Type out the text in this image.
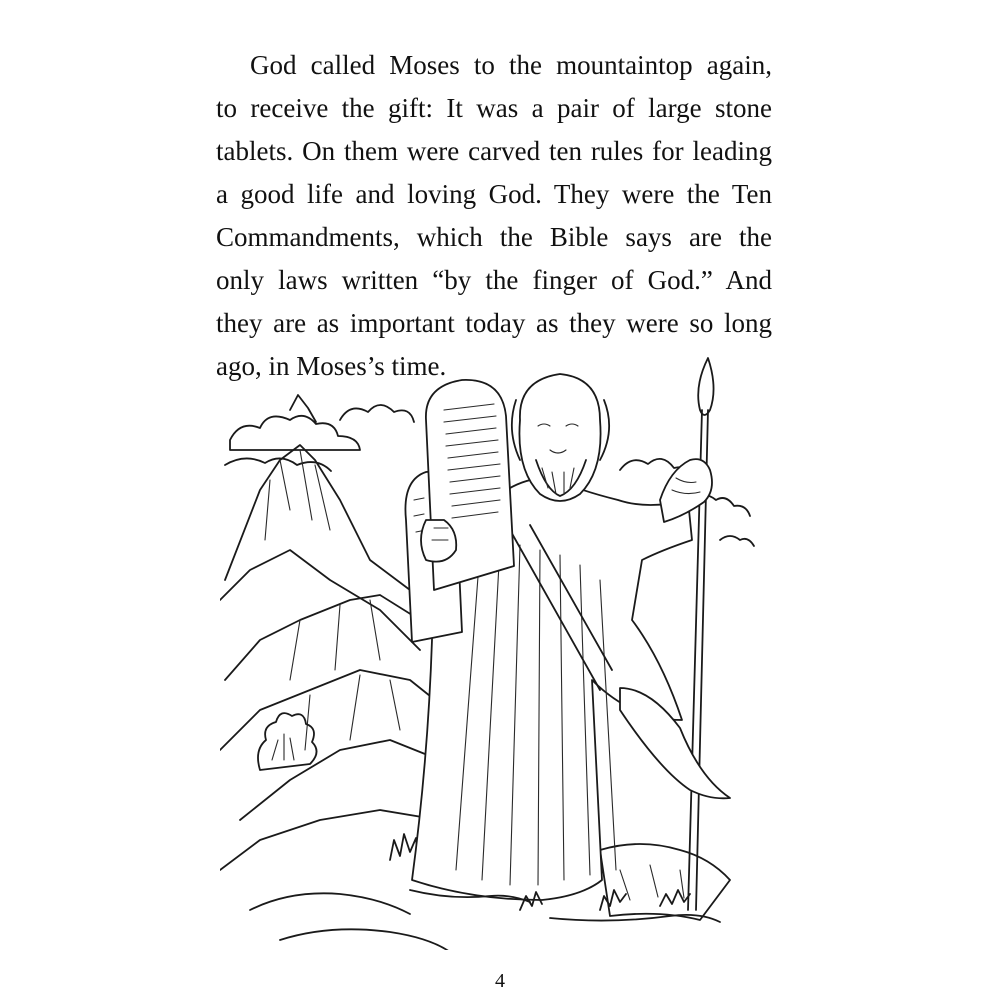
God called Moses to the mountaintop again,
to receive the gift: It was a pair of large stone
tablets. On them were carved ten rules for leading
a good life and loving God. They were the Ten
Commandments, which the Bible says are the
only laws written “by the finger of God.” And
they are as important today as they were so long
ago, in Moses’s time.
4
